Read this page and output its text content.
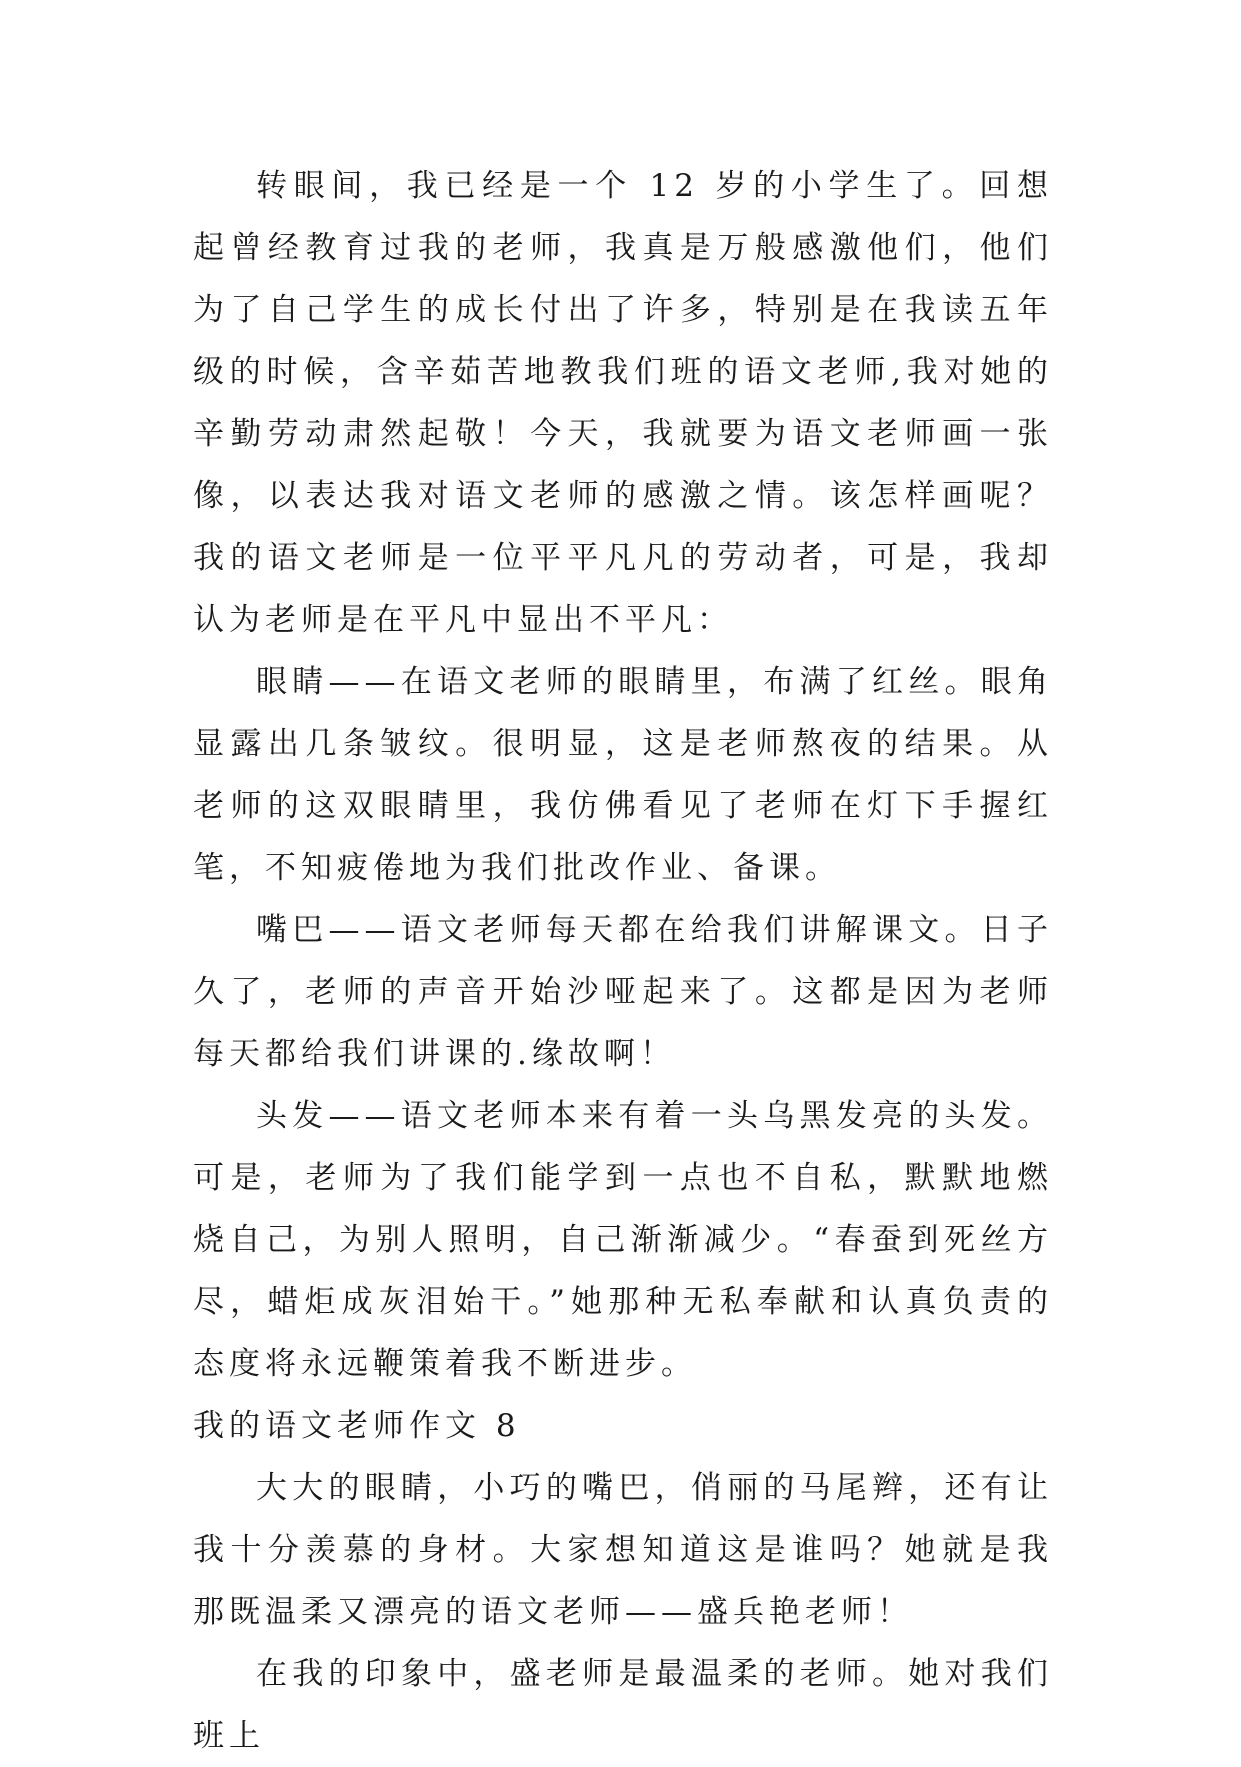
转眼间，我已经是一个 12 岁的小学生了。回想起曾经教育过我的老师，我真是万般感激他们，他们为了自己学生的成长付出了许多，特别是在我读五年级的时候，含辛茹苦地教我们班的语文老师,我对她的辛勤劳动肃然起敬！今天，我就要为语文老师画一张像，以表达我对语文老师的感激之情。该怎样画呢？我的语文老师是一位平平凡凡的劳动者，可是，我却认为老师是在平凡中显出不平凡：

眼睛——在语文老师的眼睛里，布满了红丝。眼角显露出几条皱纹。很明显，这是老师熬夜的结果。从老师的这双眼睛里，我仿佛看见了老师在灯下手握红笔，不知疲倦地为我们批改作业、备课。

嘴巴——语文老师每天都在给我们讲解课文。日子久了，老师的声音开始沙哑起来了。这都是因为老师每天都给我们讲课的.缘故啊！

头发——语文老师本来有着一头乌黑发亮的头发。可是，老师为了我们能学到一点也不自私，默默地燃烧自己，为别人照明，自己渐渐减少。“春蚕到死丝方尽，蜡炬成灰泪始干。”她那种无私奉献和认真负责的态度将永远鞭策着我不断进步。

我的语文老师作文 8

大大的眼睛，小巧的嘴巴，俏丽的马尾辫，还有让我十分羡慕的身材。大家想知道这是谁吗？她就是我那既温柔又漂亮的语文老师——盛兵艳老师！

在我的印象中，盛老师是最温柔的老师。她对我们班上
